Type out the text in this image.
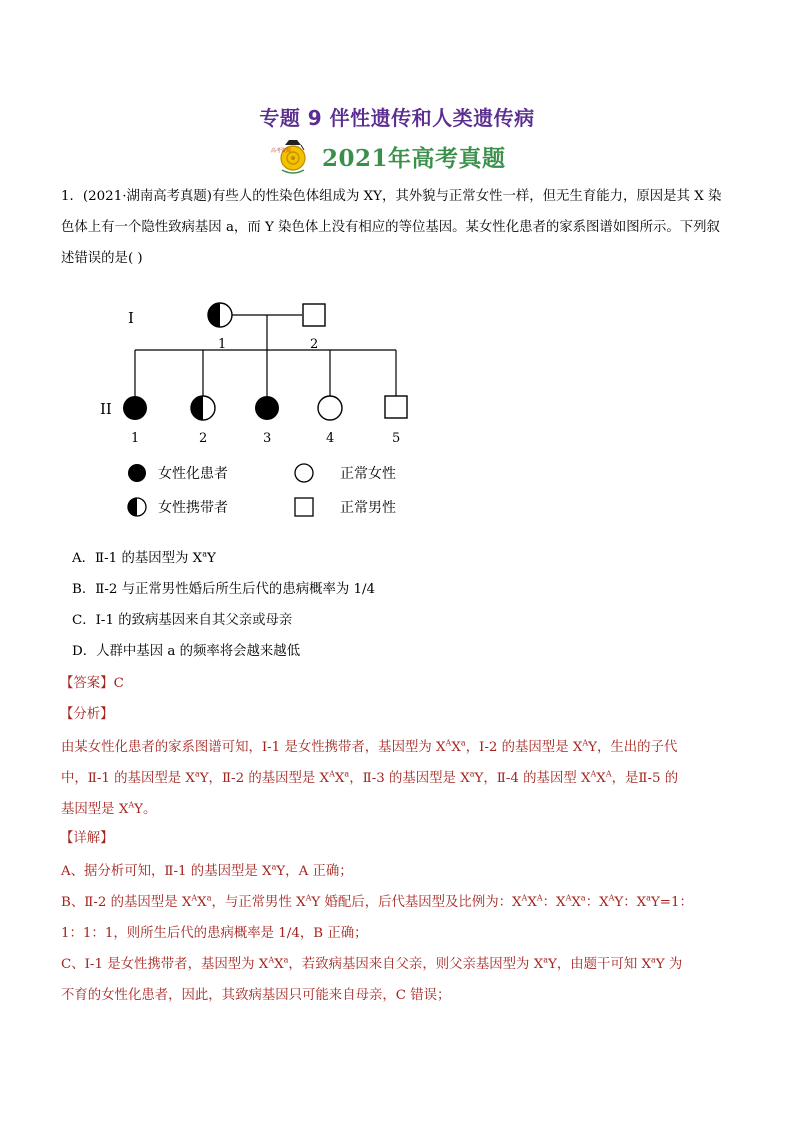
专题 9 伴性遗传和人类遗传病
高考资源 2021年高考真题
1．(2021·湖南高考真题)有些人的性染色体组成为 XY，其外貌与正常女性一样，但无生育能力，原因是其 X 染色体上有一个隐性致病基因 a，而 Y 染色体上没有相应的等位基因。某女性化患者的家系图谱如图所示。下列叙述错误的是( )
I
II
1	2
1	2	3	4	5
女性化患者	正常女性
女性携带者	正常男性
A．Ⅱ-1 的基因型为 $X^aY$
B．Ⅱ-2 与正常男性婚后所生后代的患病概率为 1/4
C．I-1 的致病基因来自其父亲或母亲
D．人群中基因 a 的频率将会越来越低
【答案】C
【分析】
由某女性化患者的家系图谱可知，Ⅰ-1 是女性携带者，基因型为 $X^AX^a$，Ⅰ-2 的基因型是 $X^AY$，生出的子代
中，Ⅱ-1 的基因型是 $X^aY$，Ⅱ-2 的基因型是 $X^AX^a$，Ⅱ-3 的基因型是 $X^aY$，Ⅱ-4 的基因型 $X^AX^A$，是Ⅱ-5 的
基因型是 $X^AY$。
【详解】
A、据分析可知，Ⅱ-1 的基因型是 $X^aY$，A 正确；
B、Ⅱ-2 的基因型是 $X^AX^a$，与正常男性 $X^AY$ 婚配后，后代基因型及比例为：$X^AX^A$：$X^AX^a$：$X^AY$：$X^aY=1$：
1：1：1，则所生后代的患病概率是 1/4，B 正确；
C、Ⅰ-1 是女性携带者，基因型为 $X^AX^a$，若致病基因来自父亲，则父亲基因型为 $X^aY$，由题干可知 $X^aY$ 为
不育的女性化患者，因此，其致病基因只可能来自母亲，C 错误；
